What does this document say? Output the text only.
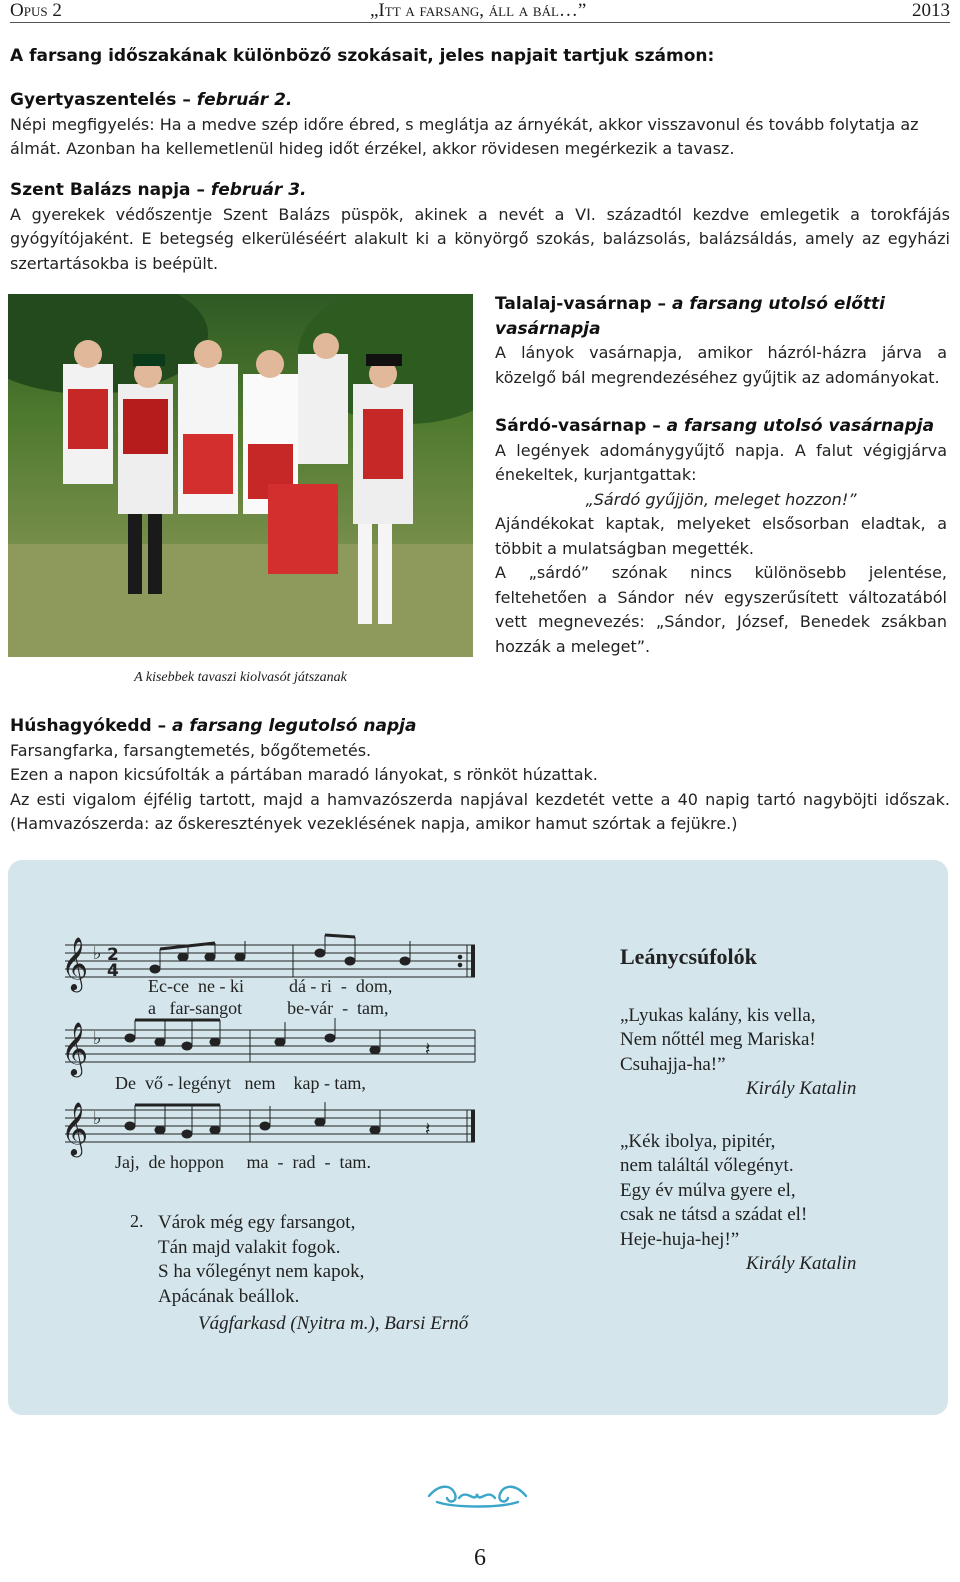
Opus 2	„Itt a farsang, áll a bál…”	2013
A farsang időszakának különböző szokásait, jeles napjait tartjuk számon:
Gyertyaszentelés – február 2.

Népi megfigyelés: Ha a medve szép időre ébred, s meglátja az árnyékát, akkor visszavonul és tovább folytatja az álmát. Azonban ha kellemetlenül hideg időt érzékel, akkor rövidesen megérkezik a tavasz.

Szent Balázs napja – február 3.

A gyerekek védőszentje Szent Balázs püspök, akinek a nevét a VI. századtól kezdve emlegetik a torokfájás gyógyítójaként. E betegség elkerüléséért alakult ki a könyörgő szokás, balázsolás, balázsáldás, amely az egyházi szertartásokba is beépült.

A kisebbek tavaszi kiolvasót játszanak
Talalaj-vasárnap – a farsang utolsó előtti vasárnapja

A lányok vasárnapja, amikor házról-házra járva a közelgő bál megrendezéséhez gyűjtik az adományokat.

Sárdó-vasárnap – a farsang utolsó vasárnapja

A legények adománygyűjtő napja. A falut végigjárva énekeltek, kurjantgattak:

„Sárdó gyűjjön, meleget hozzon!”

Ajándékokat kaptak, melyeket elsősorban eladtak, a többit a mulatságban megették.

A „sárdó” szónak nincs különösebb jelentése, feltehetően a Sándor név egyszerűsített változatából vett megnevezés: „Sándor, József, Benedek zsákban hozzák a meleget”.

Húshagyókedd – a farsang legutolsó napja

Farsangfarka, farsangtemetés, bőgőtemetés.

Ezen a napon kicsúfolták a pártában maradó lányokat, s rönköt húzattak.

Az esti vigalom éjfélig tartott, majd a hamvazószerda napjával kezdetét vette a 40 napig tartó nagyböjti időszak. (Hamvazószerda: az őskeresztények vezeklésének napja, amikor hamut szórtak a fejükre.)

𝄞
𝄞
𝄞
♭
♭
♭
2
4
𝄽
𝄽
Ec-ce  ne - ki          dá - ri  -  dom,
a   far-sangot          be-vár  -  tam,
De  vő - legényt   nem    kap - tam,
Jaj,  de hoppon     ma  -  rad  -  tam.
2. Várok még egy farsangot,
Tán majd valakit fogok.
S ha vőlegényt nem kapok,
Apácának beállok.
Vágfarkasd (Nyitra m.), Barsi Ernő
Leánycsúfolók
„Lyukas kalány, kis vella,
Nem nőttél meg Mariska!
Csuhajja-ha!”
Király Katalin
„Kék ibolya, pipitér,
nem találtál vőlegényt.
Egy év múlva gyere el,
csak ne tátsd a szádat el!
Heje-huja-hej!”
Király Katalin
6
